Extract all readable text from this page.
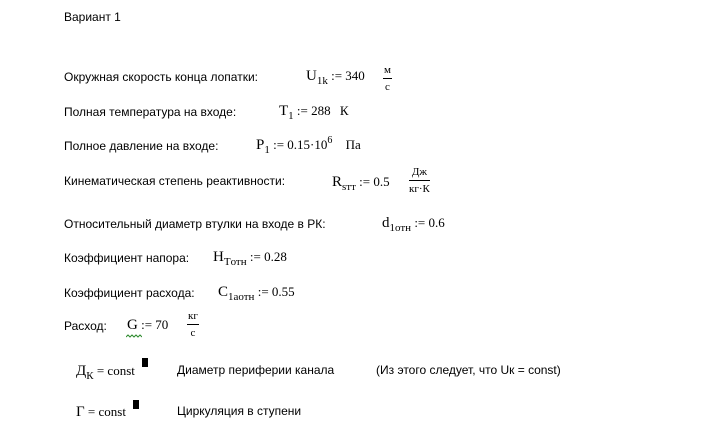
Вариант 1
Окружная скорость конца лопатки:	$U_{1k}$ := 340 м
с
Полная температура на входе:	$T_1$ := 288 К
Полное давление на входе:	$P_1$ := $0.15\cdot 10^6$ Па
Кинематическая степень реактивности:	$R_{sтт}$ := 0.5
Дж
кг·К
Относительный диаметр втулки на входе в РК:	$d_{1отн}$ := 0.6
Коэффициент напора: $H_{Tотн}$ := 0.28
Коэффициент расхода: $C_{1аотн}$ := 0.55
Расход: G := 70
кг
с
$Д_К$ = const	Диаметр периферии канала	(Из этого следует, что Uк = const)
Г = const	Циркуляция в ступени
